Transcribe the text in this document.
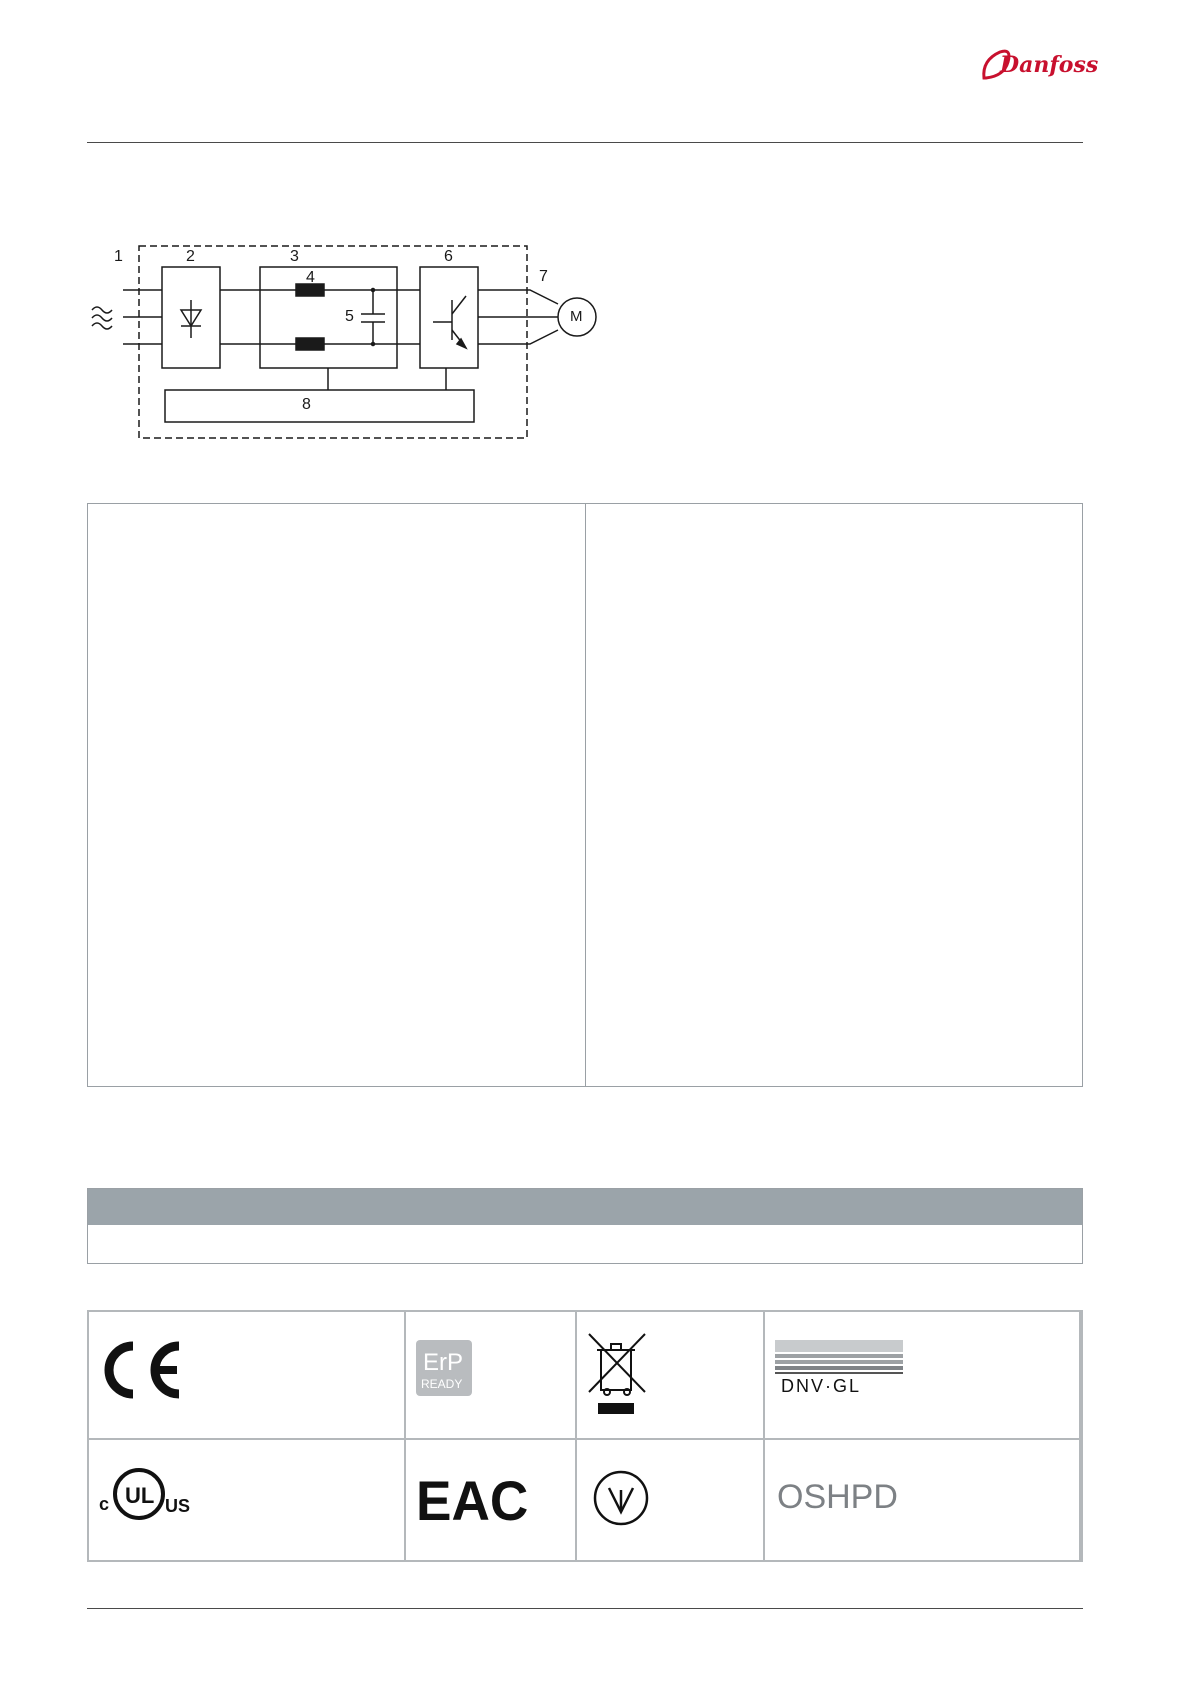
Danfoss
1	2	3
4
5
6
7
M
8
ErP
READY	DNV·GL
c UL US	EAC	OSHPD
